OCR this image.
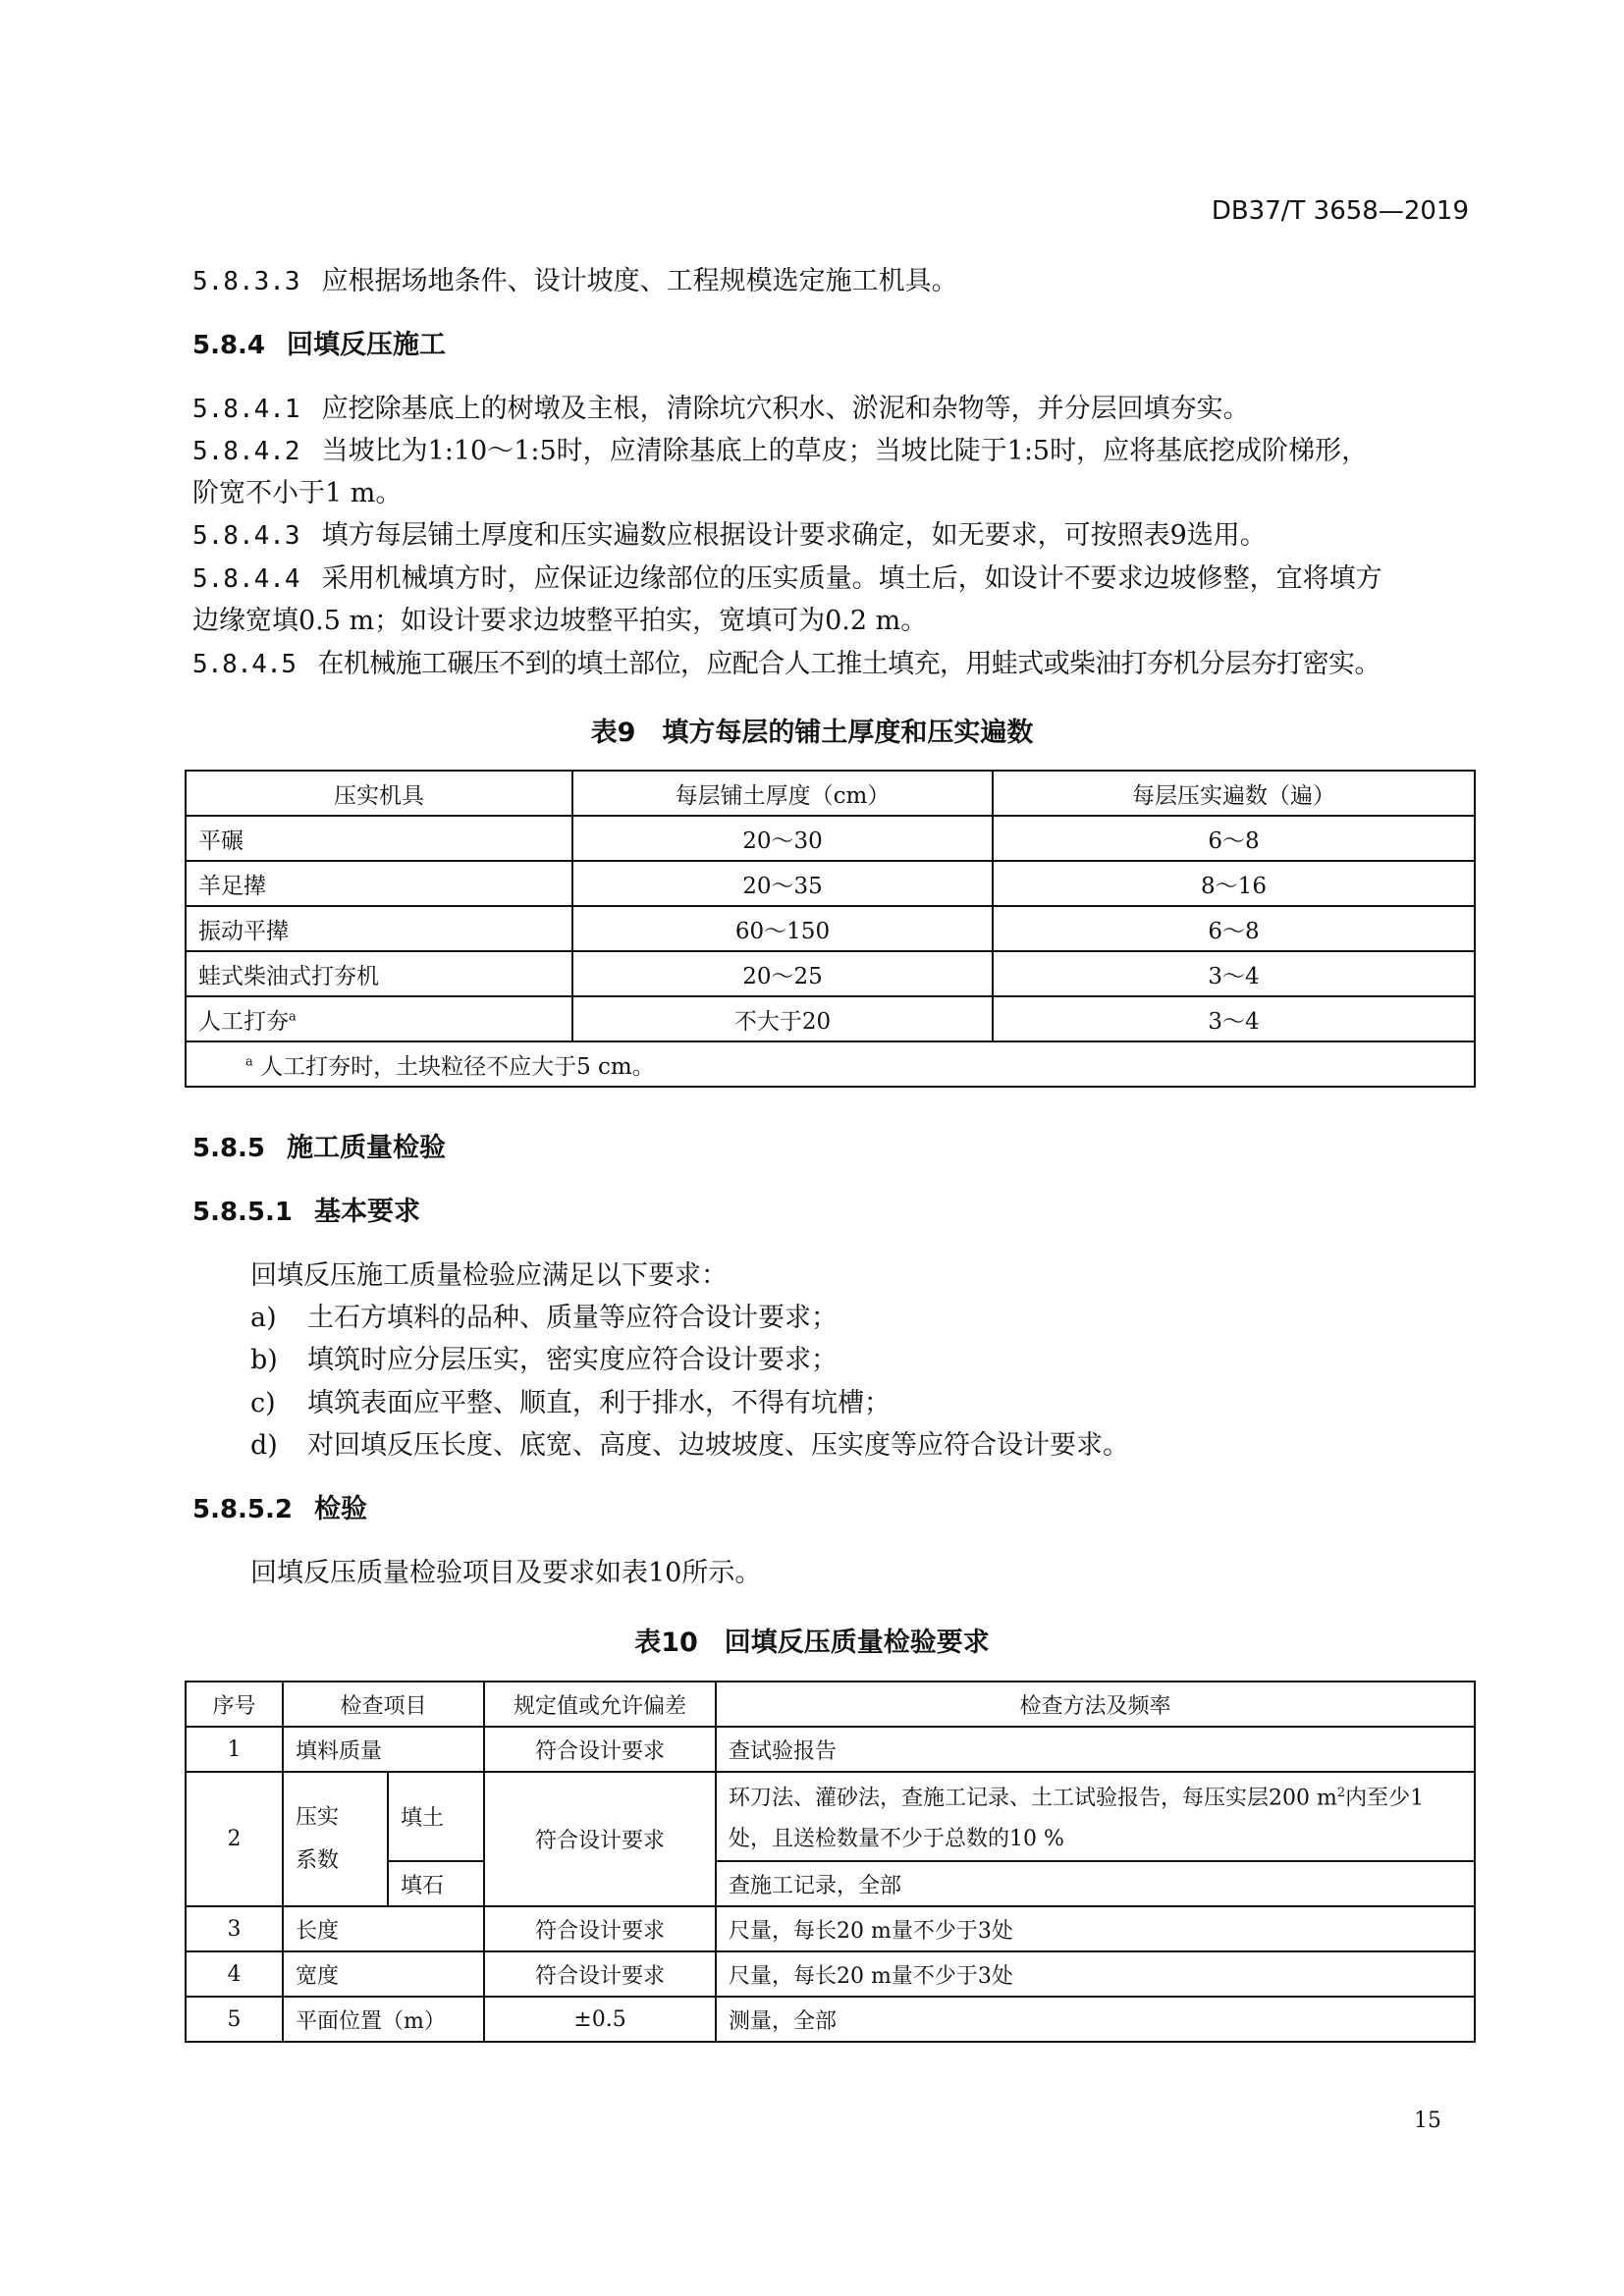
DB37/T 3658—2019
5.8.3.3 应根据场地条件、设计坡度、工程规模选定施工机具。
5.8.4 回填反压施工
5.8.4.1 应挖除基底上的树墩及主根，清除坑穴积水、淤泥和杂物等，并分层回填夯实。
5.8.4.2 当坡比为1:10～1:5时，应清除基底上的草皮；当坡比陡于1:5时，应将基底挖成阶梯形，
阶宽不小于1 m。
5.8.4.3 填方每层铺土厚度和压实遍数应根据设计要求确定，如无要求，可按照表9选用。
5.8.4.4 采用机械填方时，应保证边缘部位的压实质量。填土后，如设计不要求边坡修整，宜将填方
边缘宽填0.5 m；如设计要求边坡整平拍实，宽填可为0.2 m。
5.8.4.5 在机械施工碾压不到的填土部位，应配合人工推土填充，用蛙式或柴油打夯机分层夯打密实。
表9　填方每层的铺土厚度和压实遍数
压实机具	每层铺土厚度（cm）	每层压实遍数（遍）
平碾	20～30	6～8
羊足撵	20～35	8～16
振动平撵	60～150	6～8
蛙式柴油式打夯机	20～25	3～4
人工打夯$^a$	不大于20	3～4
$^a$ 人工打夯时，土块粒径不应大于5 cm。		
5.8.5 施工质量检验
5.8.5.1 基本要求
回填反压施工质量检验应满足以下要求：
a) 土石方填料的品种、质量等应符合设计要求；
b) 填筑时应分层压实，密实度应符合设计要求；
c) 填筑表面应平整、顺直，利于排水，不得有坑槽；
d) 对回填反压长度、底宽、高度、边坡坡度、压实度等应符合设计要求。
5.8.5.2 检验
回填反压质量检验项目及要求如表10所示。
表10　回填反压质量检验要求
序号	检查项目		规定值或允许偏差	检查方法及频率
1	填料质量		符合设计要求	查试验报告
2	压实系数	填土	符合设计要求	环刀法、灌砂法，查施工记录、土工试验报告，每压实层200 $m^2$内至少1处，且送检数量不少于总数的10 %
		填石		查施工记录，全部
3	长度		符合设计要求	尺量，每长20 m量不少于3处
4	宽度		符合设计要求	尺量，每长20 m量不少于3处
5	平面位置（m）		±0.5	测量，全部
15
